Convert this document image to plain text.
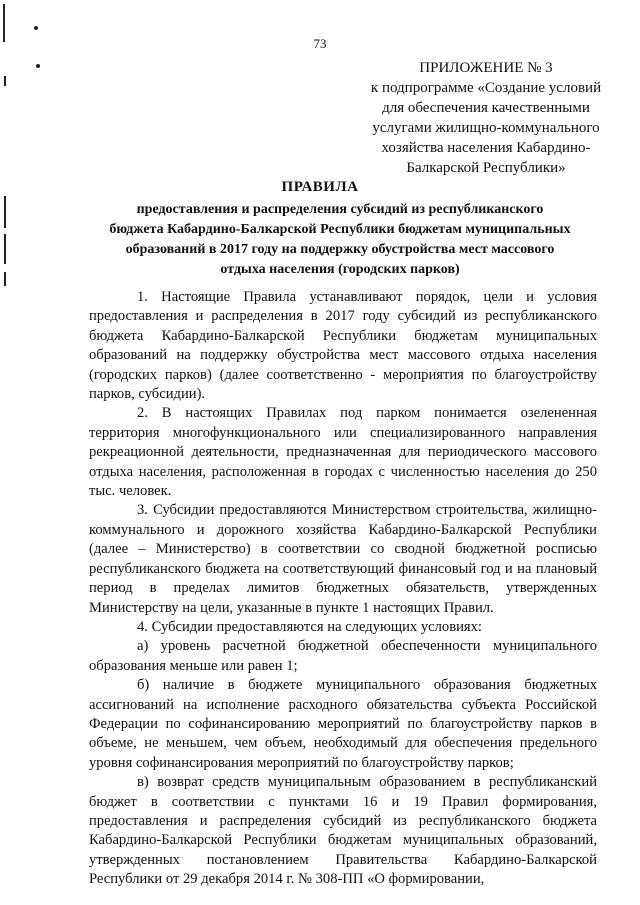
73
ПРИЛОЖЕНИЕ № 3
к подпрограмме «Создание условий
для обеспечения качественными
услугами жилищно-коммунального
хозяйства населения Кабардино-
Балкарской Республики»
ПРАВИЛА
предоставления и распределения субсидий из республиканского
бюджета Кабардино-Балкарской Республики бюджетам муниципальных
образований в 2017 году на поддержку обустройства мест массового
отдыха населения (городских парков)

1. Настоящие Правила устанавливают порядок, цели и условия предоставления и распределения в 2017 году субсидий из республиканского бюджета Кабардино-Балкарской Республики бюджетам муниципальных образований на поддержку обустройства мест массового отдыха населения (городских парков) (далее соответственно - мероприятия по благоустройству парков, субсидии).

2. В настоящих Правилах под парком понимается озелененная территория многофункционального или специализированного направления рекреационной деятельности, предназначенная для периодического массового отдыха населения, расположенная в городах с численностью населения до 250 тыс. человек.

3. Субсидии предоставляются Министерством строительства, жилищно-коммунального и дорожного хозяйства Кабардино-Балкарской Республики (далее – Министерство) в соответствии со сводной бюджетной росписью республиканского бюджета на соответствующий финансовый год и на плановый период в пределах лимитов бюджетных обязательств, утвержденных Министерству на цели, указанные в пункте 1 настоящих Правил.

4. Субсидии предоставляются на следующих условиях:

а) уровень расчетной бюджетной обеспеченности муниципального образования меньше или равен 1;

б) наличие в бюджете муниципального образования бюджетных ассигнований на исполнение расходного обязательства субъекта Российской Федерации по софинансированию мероприятий по благоустройству парков в объеме, не меньшем, чем объем, необходимый для обеспечения предельного уровня софинансирования мероприятий по благоустройству парков;

в) возврат средств муниципальным образованием в республиканский бюджет в соответствии с пунктами 16 и 19 Правил формирования, предоставления и распределения субсидий из республиканского бюджета Кабардино-Балкарской Республики бюджетам муниципальных образований, утвержденных постановлением Правительства Кабардино-Балкарской Республики от 29 декабря 2014 г. № 308-ПП «О формировании,
